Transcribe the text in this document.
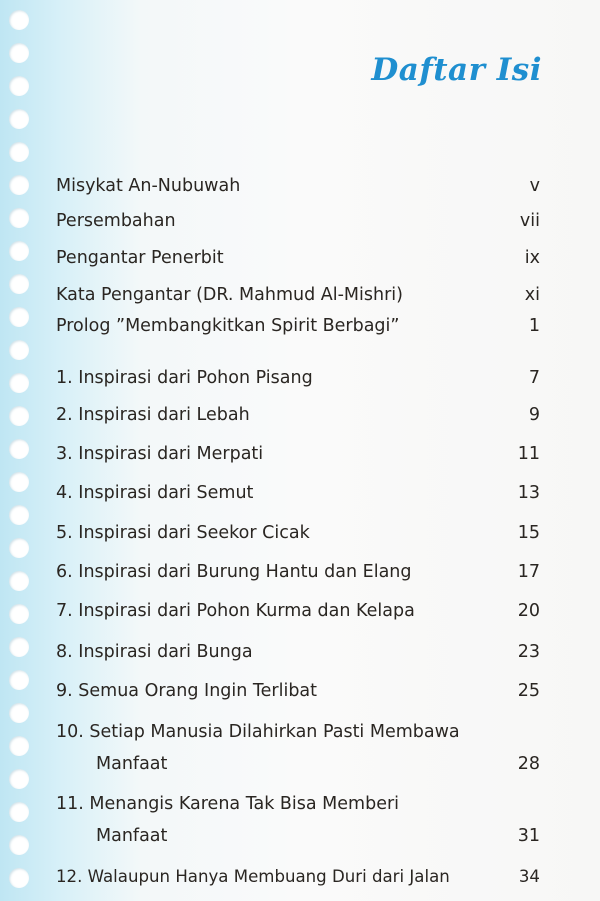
Daftar Isi
Misykat An-Nubuwah	v
Persembahan	vii
Pengantar Penerbit	ix
Kata Pengantar (DR. Mahmud Al-Mishri)	xi
Prolog ”Membangkitkan Spirit Berbagi”	1
1. Inspirasi dari Pohon Pisang	7
2. Inspirasi dari Lebah	9
3. Inspirasi dari Merpati	11
4. Inspirasi dari Semut	13
5. Inspirasi dari Seekor Cicak	15
6. Inspirasi dari Burung Hantu dan Elang	17
7. Inspirasi dari Pohon Kurma dan Kelapa	20
8. Inspirasi dari Bunga	23
9. Semua Orang Ingin Terlibat	25
10. Setiap Manusia Dilahirkan Pasti Membawa
Manfaat	28
11. Menangis Karena Tak Bisa Memberi
Manfaat	31
12. Walaupun Hanya Membuang Duri dari Jalan	34
